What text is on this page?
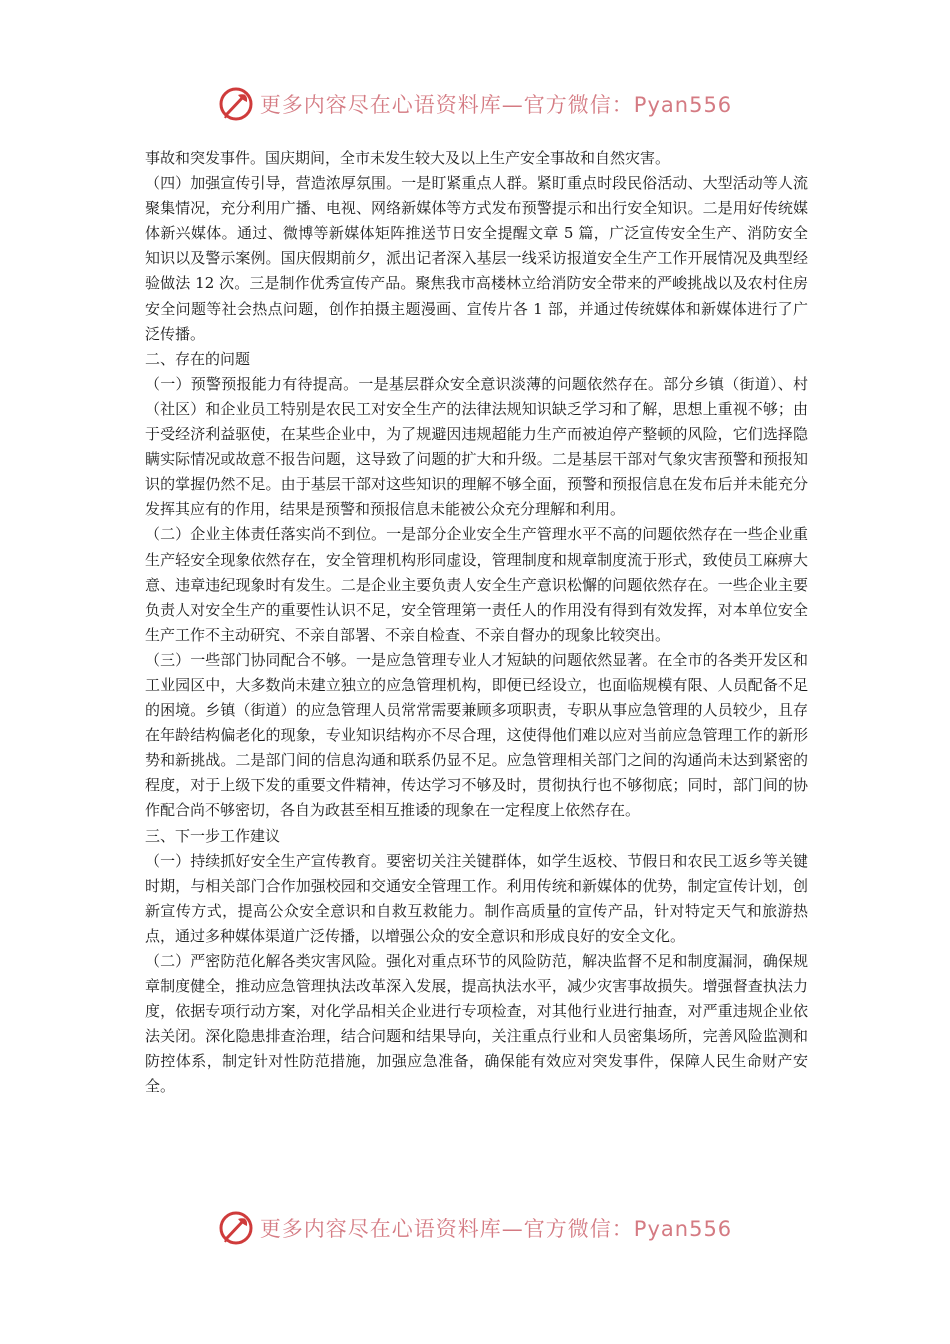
更多内容尽在心语资料库—官方微信：Pyan556

事故和突发事件。国庆期间，全市未发生较大及以上生产安全事故和自然灾害。

（四）加强宣传引导，营造浓厚氛围。一是盯紧重点人群。紧盯重点时段民俗活动、大型活动等人流聚集情况，充分利用广播、电视、网络新媒体等方式发布预警提示和出行安全知识。二是用好传统媒体新兴媒体。通过、微博等新媒体矩阵推送节日安全提醒文章 5 篇，广泛宣传安全生产、消防安全知识以及警示案例。国庆假期前夕，派出记者深入基层一线采访报道安全生产工作开展情况及典型经验做法 12 次。三是制作优秀宣传产品。聚焦我市高楼林立给消防安全带来的严峻挑战以及农村住房安全问题等社会热点问题，创作拍摄主题漫画、宣传片各 1 部，并通过传统媒体和新媒体进行了广泛传播。

二、存在的问题

（一）预警预报能力有待提高。一是基层群众安全意识淡薄的问题依然存在。部分乡镇（街道）、村（社区）和企业员工特别是农民工对安全生产的法律法规知识缺乏学习和了解，思想上重视不够；由于受经济利益驱使，在某些企业中，为了规避因违规超能力生产而被迫停产整顿的风险，它们选择隐瞒实际情况或故意不报告问题，这导致了问题的扩大和升级。二是基层干部对气象灾害预警和预报知识的掌握仍然不足。由于基层干部对这些知识的理解不够全面，预警和预报信息在发布后并未能充分发挥其应有的作用，结果是预警和预报信息未能被公众充分理解和利用。

（二）企业主体责任落实尚不到位。一是部分企业安全生产管理水平不高的问题依然存在一些企业重生产轻安全现象依然存在，安全管理机构形同虚设，管理制度和规章制度流于形式，致使员工麻痹大意、违章违纪现象时有发生。二是企业主要负责人安全生产意识松懈的问题依然存在。一些企业主要负责人对安全生产的重要性认识不足，安全管理第一责任人的作用没有得到有效发挥，对本单位安全生产工作不主动研究、不亲自部署、不亲自检查、不亲自督办的现象比较突出。

（三）一些部门协同配合不够。一是应急管理专业人才短缺的问题依然显著。在全市的各类开发区和工业园区中，大多数尚未建立独立的应急管理机构，即便已经设立，也面临规模有限、人员配备不足的困境。乡镇（街道）的应急管理人员常常需要兼顾多项职责，专职从事应急管理的人员较少，且存在年龄结构偏老化的现象，专业知识结构亦不尽合理，这使得他们难以应对当前应急管理工作的新形势和新挑战。二是部门间的信息沟通和联系仍显不足。应急管理相关部门之间的沟通尚未达到紧密的程度，对于上级下发的重要文件精神，传达学习不够及时，贯彻执行也不够彻底；同时，部门间的协作配合尚不够密切，各自为政甚至相互推诿的现象在一定程度上依然存在。

三、下一步工作建议

（一）持续抓好安全生产宣传教育。要密切关注关键群体，如学生返校、节假日和农民工返乡等关键时期，与相关部门合作加强校园和交通安全管理工作。利用传统和新媒体的优势，制定宣传计划，创新宣传方式，提高公众安全意识和自救互救能力。制作高质量的宣传产品，针对特定天气和旅游热点，通过多种媒体渠道广泛传播，以增强公众的安全意识和形成良好的安全文化。

（二）严密防范化解各类灾害风险。强化对重点环节的风险防范，解决监督不足和制度漏洞，确保规章制度健全，推动应急管理执法改革深入发展，提高执法水平，减少灾害事故损失。增强督查执法力度，依据专项行动方案，对化学品相关企业进行专项检查，对其他行业进行抽查，对严重违规企业依法关闭。深化隐患排查治理，结合问题和结果导向，关注重点行业和人员密集场所，完善风险监测和防控体系，制定针对性防范措施，加强应急准备，确保能有效应对突发事件，保障人民生命财产安全。

更多内容尽在心语资料库—官方微信：Pyan556
